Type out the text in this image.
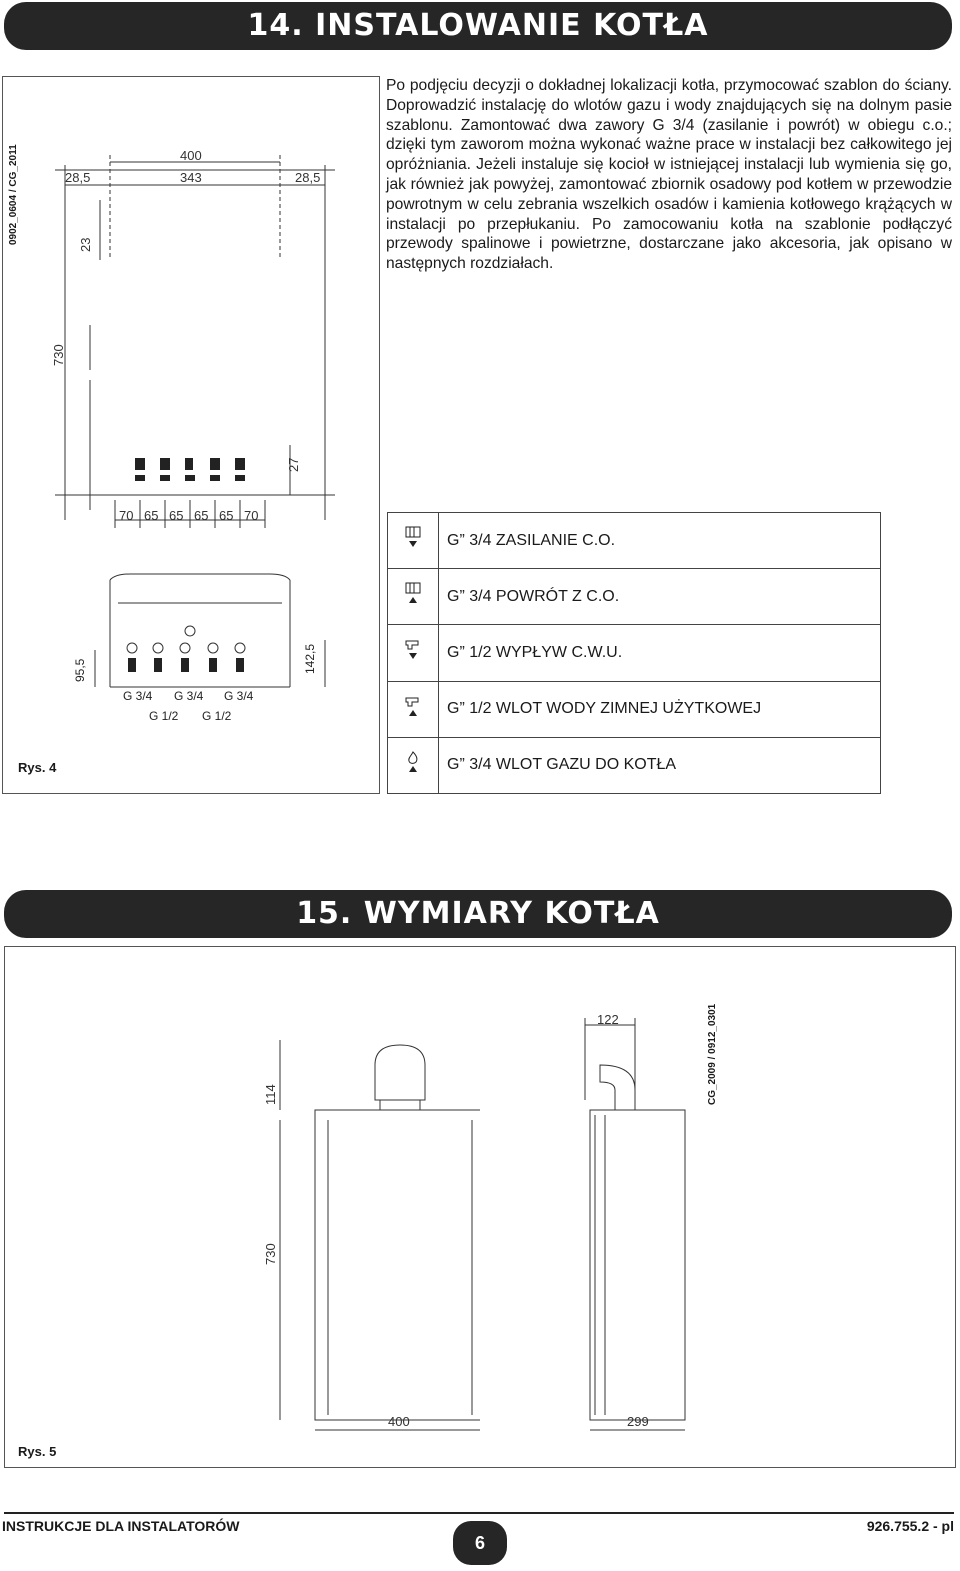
14. INSTALOWANIE KOTŁA
0902_0604 / CG_2011	400
343
28,5	28,5
23
730
27
70 65 65 65 65 70
95,5	142,5
G 3/4 G 3/4 G 3/4
G 1/2 G 1/2
Rys. 4

Po podjęciu decyzji o dokładnej lokalizacji kotła, przymocować szablon do ściany. Doprowadzić instalację do wlotów gazu i wody znajdujących się na dolnym pasie szablonu. Zamontować dwa zawory G 3/4 (zasilanie i powrót) w obiegu c.o.; dzięki tym zaworom można wykonać ważne prace w instalacji bez całkowitego jej opróżniania. Jeżeli instaluje się kocioł w istniejącej instalacji lub wymienia się go, jak również jak powyżej, zamontować zbiornik osadowy pod kotłem w przewodzie powrotnym w celu zebrania wszelkich osadów i kamienia kotłowego krążących w instalacji po przepłukaniu. Po zamocowaniu kotła na szablonie podłączyć przewody spalinowe i powietrzne, dostarczane jako akcesoria, jak opisano w następnych rozdziałach.

	G” 3/4 ZASILANIE C.O.
	G” 3/4 POWRÓT Z C.O.
	G” 1/2 WYPŁYW C.W.U.
	G” 1/2 WLOT WODY ZIMNEJ UŻYTKOWEJ
	G” 3/4 WLOT GAZU DO KOTŁA
15. WYMIARY KOTŁA
CG_2009 / 0912_0301
114
730
400
122
299
Rys. 5
INSTRUKCJE DLA INSTALATORÓW
6
926.755.2 - pl
